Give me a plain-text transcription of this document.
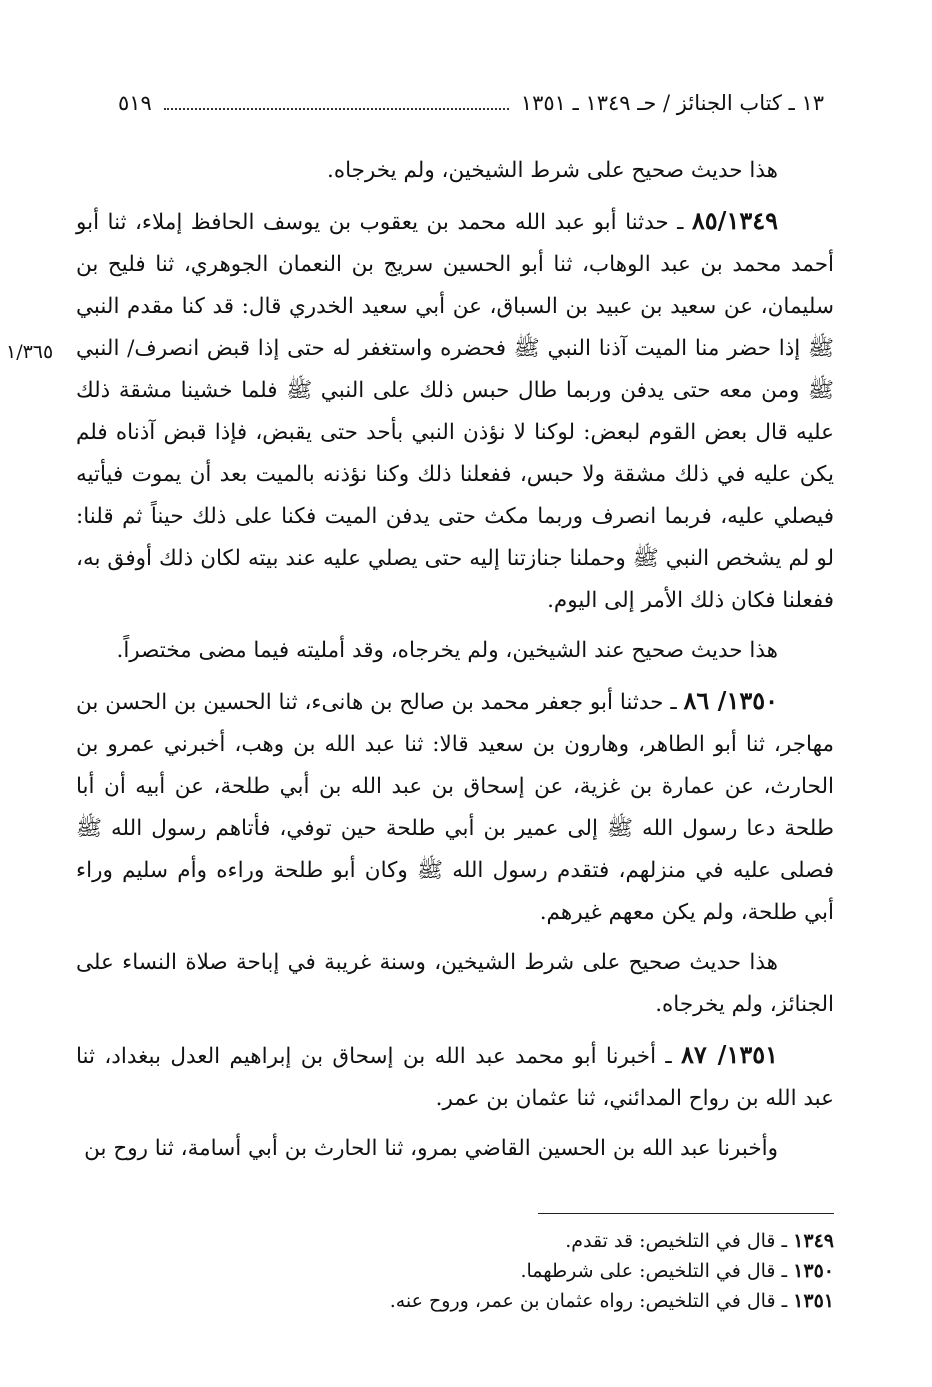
١٣ ـ كتاب الجنائز / حـ ١٣٤٩ ـ ١٣٥١
٥١٩
١/٣٦٥

هذا حديث صحيح على شرط الشيخين، ولم يخرجاه.

٨٥/١٣٤٩ ـ حدثنا أبو عبد الله محمد بن يعقوب بن يوسف الحافظ إملاء، ثنا أبو أحمد محمد بن عبد الوهاب، ثنا أبو الحسين سريج بن النعمان الجوهري، ثنا فليح بن سليمان، عن سعيد بن عبيد بن السباق، عن أبي سعيد الخدري قال: قد كنا مقدم النبي ﷺ إذا حضر منا الميت آذنا النبي ﷺ فحضره واستغفر له حتى إذا قبض انصرف/ النبي ﷺ ومن معه حتى يدفن وربما طال حبس ذلك على النبي ﷺ فلما خشينا مشقة ذلك عليه قال بعض القوم لبعض: لوكنا لا نؤذن النبي بأحد حتى يقبض، فإذا قبض آذناه فلم يكن عليه في ذلك مشقة ولا حبس، ففعلنا ذلك وكنا نؤذنه بالميت بعد أن يموت فيأتيه فيصلي عليه، فربما انصرف وربما مكث حتى يدفن الميت فكنا على ذلك حيناً ثم قلنا: لو لم يشخص النبي ﷺ وحملنا جنازتنا إليه حتى يصلي عليه عند بيته لكان ذلك أوفق به، ففعلنا فكان ذلك الأمر إلى اليوم.

هذا حديث صحيح عند الشيخين، ولم يخرجاه، وقد أمليته فيما مضى مختصراً.

١٣٥٠/ ٨٦ ـ حدثنا أبو جعفر محمد بن صالح بن هانىء، ثنا الحسين بن الحسن بن مهاجر، ثنا أبو الطاهر، وهارون بن سعيد قالا: ثنا عبد الله بن وهب، أخبرني عمرو بن الحارث، عن عمارة بن غزية، عن إسحاق بن عبد الله بن أبي طلحة، عن أبيه أن أبا طلحة دعا رسول الله ﷺ إلى عمير بن أبي طلحة حين توفي، فأتاهم رسول الله ﷺ فصلى عليه في منزلهم، فتقدم رسول الله ﷺ وكان أبو طلحة وراءه وأم سليم وراء أبي طلحة، ولم يكن معهم غيرهم.

هذا حديث صحيح على شرط الشيخين، وسنة غريبة في إباحة صلاة النساء على الجنائز، ولم يخرجاه.

١٣٥١/ ٨٧ ـ أخبرنا أبو محمد عبد الله بن إسحاق بن إبراهيم العدل ببغداد، ثنا عبد الله بن رواح المدائني، ثنا عثمان بن عمر.

وأخبرنا عبد الله بن الحسين القاضي بمرو، ثنا الحارث بن أبي أسامة، ثنا روح بن

١٣٤٩ ـ قال في التلخيص: قد تقدم.
١٣٥٠ ـ قال في التلخيص: على شرطهما.
١٣٥١ ـ قال في التلخيص: رواه عثمان بن عمر، وروح عنه.
